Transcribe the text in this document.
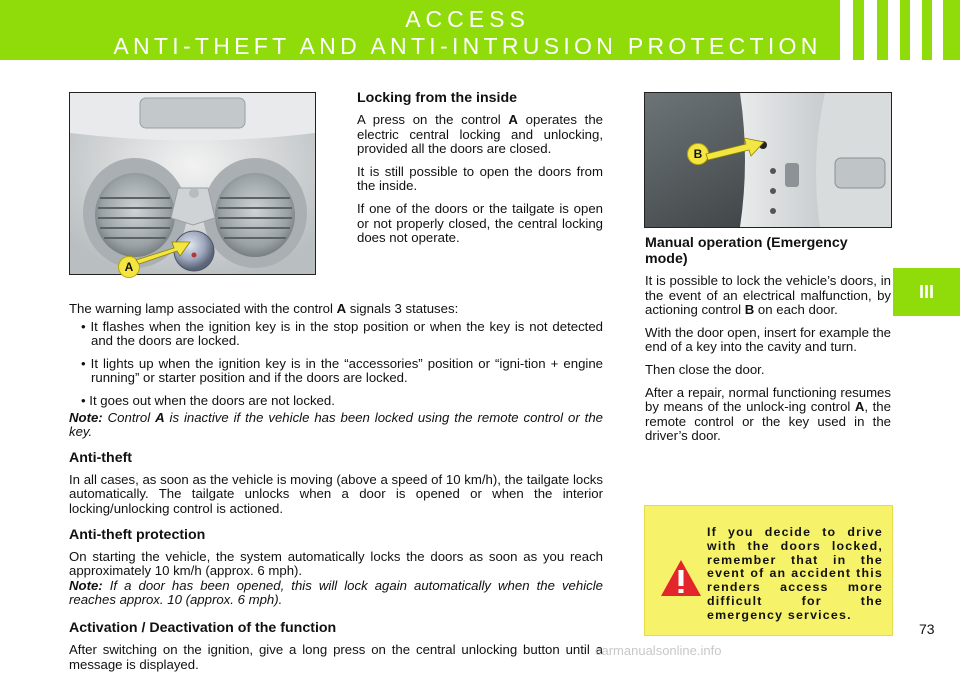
ACCESS
ANTI-THEFT AND ANTI-INTRUSION PROTECTION
III
A
B
Locking from the inside

A press on the control A operates the electric central locking and unlocking, provided all the doors are closed.

It is still possible to open the doors from the inside.

If one of the doors or the tailgate is open or not properly closed, the central locking does not operate.	Manual operation (Emergency mode)

It is possible to lock the vehicle’s doors, in the event of an electrical malfunction, by actioning control B on each door.

With the door open, insert for example the end of a key into the cavity and turn.

Then close the door.

After a repair, normal functioning resumes by means of the unlock-ing control A, the remote control or the key used in the driver’s door.

The warning lamp associated with the control A signals 3 statuses:

• It flashes when the ignition key is in the stop position or when the key is not detected and the doors are locked.

• It lights up when the ignition key is in the “accessories” position or “igni-tion + engine running” or starter position and if the doors are locked.

• It goes out when the doors are not locked.

Note: Control A is inactive if the vehicle has been locked using the remote control or the key.

Anti-theft

In all cases, as soon as the vehicle is moving (above a speed of 10 km/h), the tailgate locks automatically. The tailgate unlocks when a door is opened or when the interior locking/unlocking control is actioned.

Anti-theft protection

On starting the vehicle, the system automatically locks the doors as soon as you reach approximately 10 km/h (approx. 6 mph).
Note: If a door has been opened, this will lock again automatically when the vehicle reaches approx. 10 (approx. 6 mph).

Activation / Deactivation of the function

After switching on the ignition, give a long press on the central unlocking button until a message is displayed.

If you decide to drive with the doors locked, remember that in the event of an accident this renders access more difficult for the emergency services.
73
carmanualsonline.info
